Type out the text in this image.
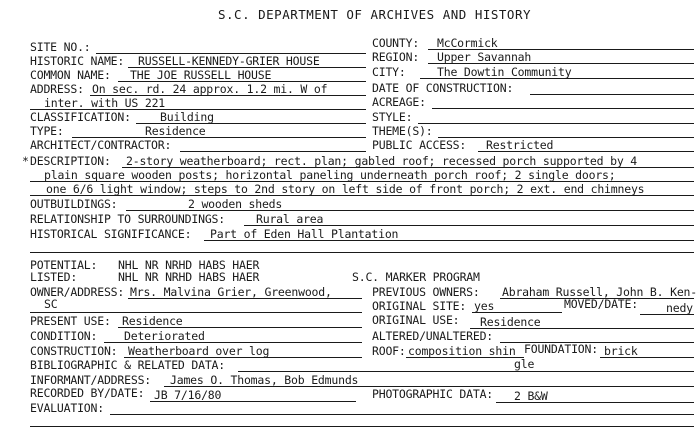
S.C. DEPARTMENT OF ARCHIVES AND HISTORY
SITE NO.:
HISTORIC NAME: RUSSELL-KENNEDY-GRIER HOUSE
COMMON NAME: THE JOE RUSSELL HOUSE
ADDRESS: On sec. rd. 24 approx. 1.2 mi. W of
inter. with US 221
CLASSIFICATION:	Building
TYPE:	Residence
ARCHITECT/CONTRACTOR:
COUNTY: McCormick
REGION: Upper Savannah
CITY:	The Dowtin Community
DATE OF CONSTRUCTION:
ACREAGE:
STYLE:
THEME(S):
PUBLIC ACCESS: Restricted
* DESCRIPTION: 2-story weatherboard; rect. plan; gabled roof; recessed porch supported by 4
plain square wooden posts; horizontal paneling underneath porch roof; 2 single doors;
one 6/6 light window; steps to 2nd story on left side of front porch; 2 ext. end chimneys
OUTBUILDINGS:	2 wooden sheds
RELATIONSHIP TO SURROUNDINGS:	Rural area
HISTORICAL SIGNIFICANCE: Part of Eden Hall Plantation
POTENTIAL: NHL NR NRHD HABS HAER
LISTED:	NHL NR NRHD HABS HAER	S.C. MARKER PROGRAM
OWNER/ADDRESS: Mrs. Malvina Grier, Greenwood,
SC
PREVIOUS OWNERS: Abraham Russell, John B. Ken-
ORIGINAL SITE: yes	MOVED/DATE: nedy
PRESENT USE: Residence	ORIGINAL USE: Residence
CONDITION: Deteriorated	ALTERED/UNALTERED:
CONSTRUCTION: Weatherboard over log	ROOF: composition shin
gle
FOUNDATION: brick
BIBLIOGRAPHIC & RELATED DATA:
INFORMANT/ADDRESS: James O. Thomas, Bob Edmunds
RECORDED BY/DATE: JB 7/16/80	PHOTOGRAPHIC DATA: 2 B&W
EVALUATION:
